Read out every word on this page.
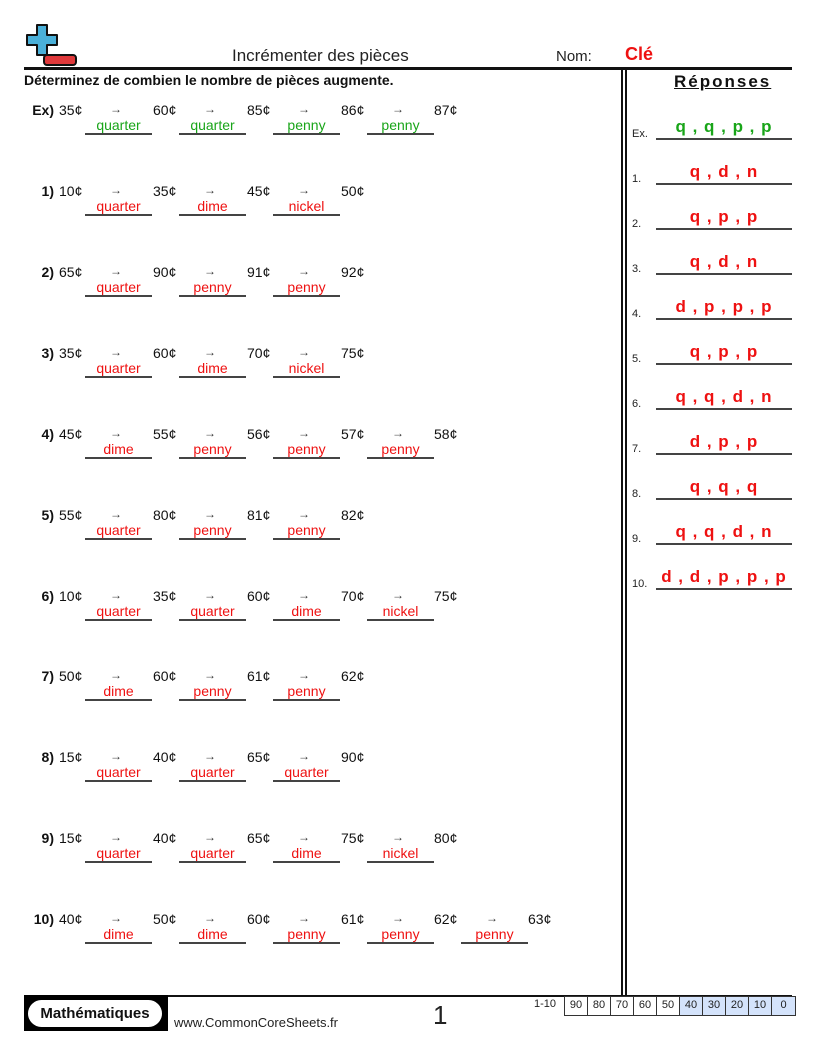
Incrémenter des pièces	Nom: Clé
Déterminez de combien le nombre de pièces augmente.
Ex) 35¢ → 60¢ → 85¢ → 86¢ → 87¢
quarter	quarter	penny	penny
1) 10¢ → 35¢ → 45¢ → 50¢
quarter	dime	nickel
2) 65¢ → 90¢ → 91¢ → 92¢
quarter	penny	penny
3) 35¢ → 60¢ → 70¢ → 75¢
quarter	dime	nickel
4) 45¢ → 55¢ → 56¢ → 57¢ → 58¢
dime	penny	penny	penny
5) 55¢ → 80¢ → 81¢ → 82¢
quarter	penny	penny
6) 10¢ → 35¢ → 60¢ → 70¢ → 75¢
quarter	quarter	dime	nickel
7) 50¢ → 60¢ → 61¢ → 62¢
dime	penny	penny
8) 15¢ → 40¢ → 65¢ → 90¢
quarter	quarter	quarter
9) 15¢ → 40¢ → 65¢ → 75¢ → 80¢
quarter	quarter	dime	nickel
10) 40¢ → 50¢ → 60¢ → 61¢ → 62¢ → 63¢
dime	dime	penny	penny	penny
Réponses
Ex.	q , q , p , p
1.	q , d , n
2.	q , p , p
3.	q , d , n
4.	d , p , p , p
5.	q , p , p
6.	q , q , d , n
7.	d , p , p
8.	q , q , q
9.	q , q , d , n
10. d , d , p , p , p
Mathématiques
www.CommonCoreSheets.fr	1	1-10	90 80 70 60 50 40 30 20 10	0
